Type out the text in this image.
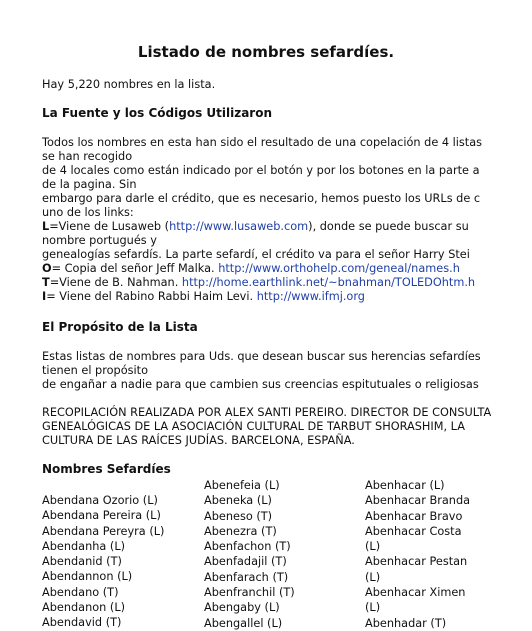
Listado de nombres sefardíes.
Hay 5,220 nombres en la lista.
La Fuente y los Códigos Utilizaron
Todos los nombres en esta han sido el resultado de una copelación de 4 listas
se han recogido
de 4 locales como están indicado por el botón y por los botones en la parte a
de la pagina. Sin
embargo para darle el crédito, que es necesario, hemos puesto los URLs de c
uno de los links:
L=Viene de Lusaweb (http://www.lusaweb.com), donde se puede buscar su
nombre portugués y
genealogías sefardís. La parte sefardí, el crédito va para el señor Harry Stei
O= Copia del señor Jeff Malka. http://www.orthohelp.com/geneal/names.h
T=Viene de B. Nahman. http://home.earthlink.net/~bnahman/TOLEDOhtm.h
I= Viene del Rabino Rabbi Haim Levi. http://www.ifmj.org
El Propósito de la Lista
Estas listas de nombres para Uds. que desean buscar sus herencias sefardíes
tienen el propósito
de engañar a nadie para que cambien sus creencias espitutuales o religiosas
RECOPILACIÓN REALIZADA POR ALEX SANTI PEREIRO. DIRECTOR DE CONSULTA
GENEALÓGICAS DE LA ASOCIACIÓN CULTURAL DE TARBUT SHORASHIM, LA
CULTURA DE LAS RAÍCES JUDÍAS. BARCELONA, ESPAÑA.
Nombres Sefardíes
Abendana Ozorio (L)
Abendana Pereira (L)
Abendana Pereyra (L)
Abendanha (L)
Abendanid (T)
Abendannon (L)
Abendano (T)
Abendanon (L)
Abendavid (T)
Abenefeia (L)
Abeneka (L)
Abeneso (T)
Abenezra (T)
Abenfachon (T)
Abenfadajil (T)
Abenfarach (T)
Abenfranchil (T)
Abengaby (L)
Abengallel (L)
Abenhacar (L)
Abenhacar Branda
Abenhacar Bravo
Abenhacar Costa
(L)
Abenhacar Pestan
(L)
Abenhacar Ximen
(L)
Abenhadar (T)
